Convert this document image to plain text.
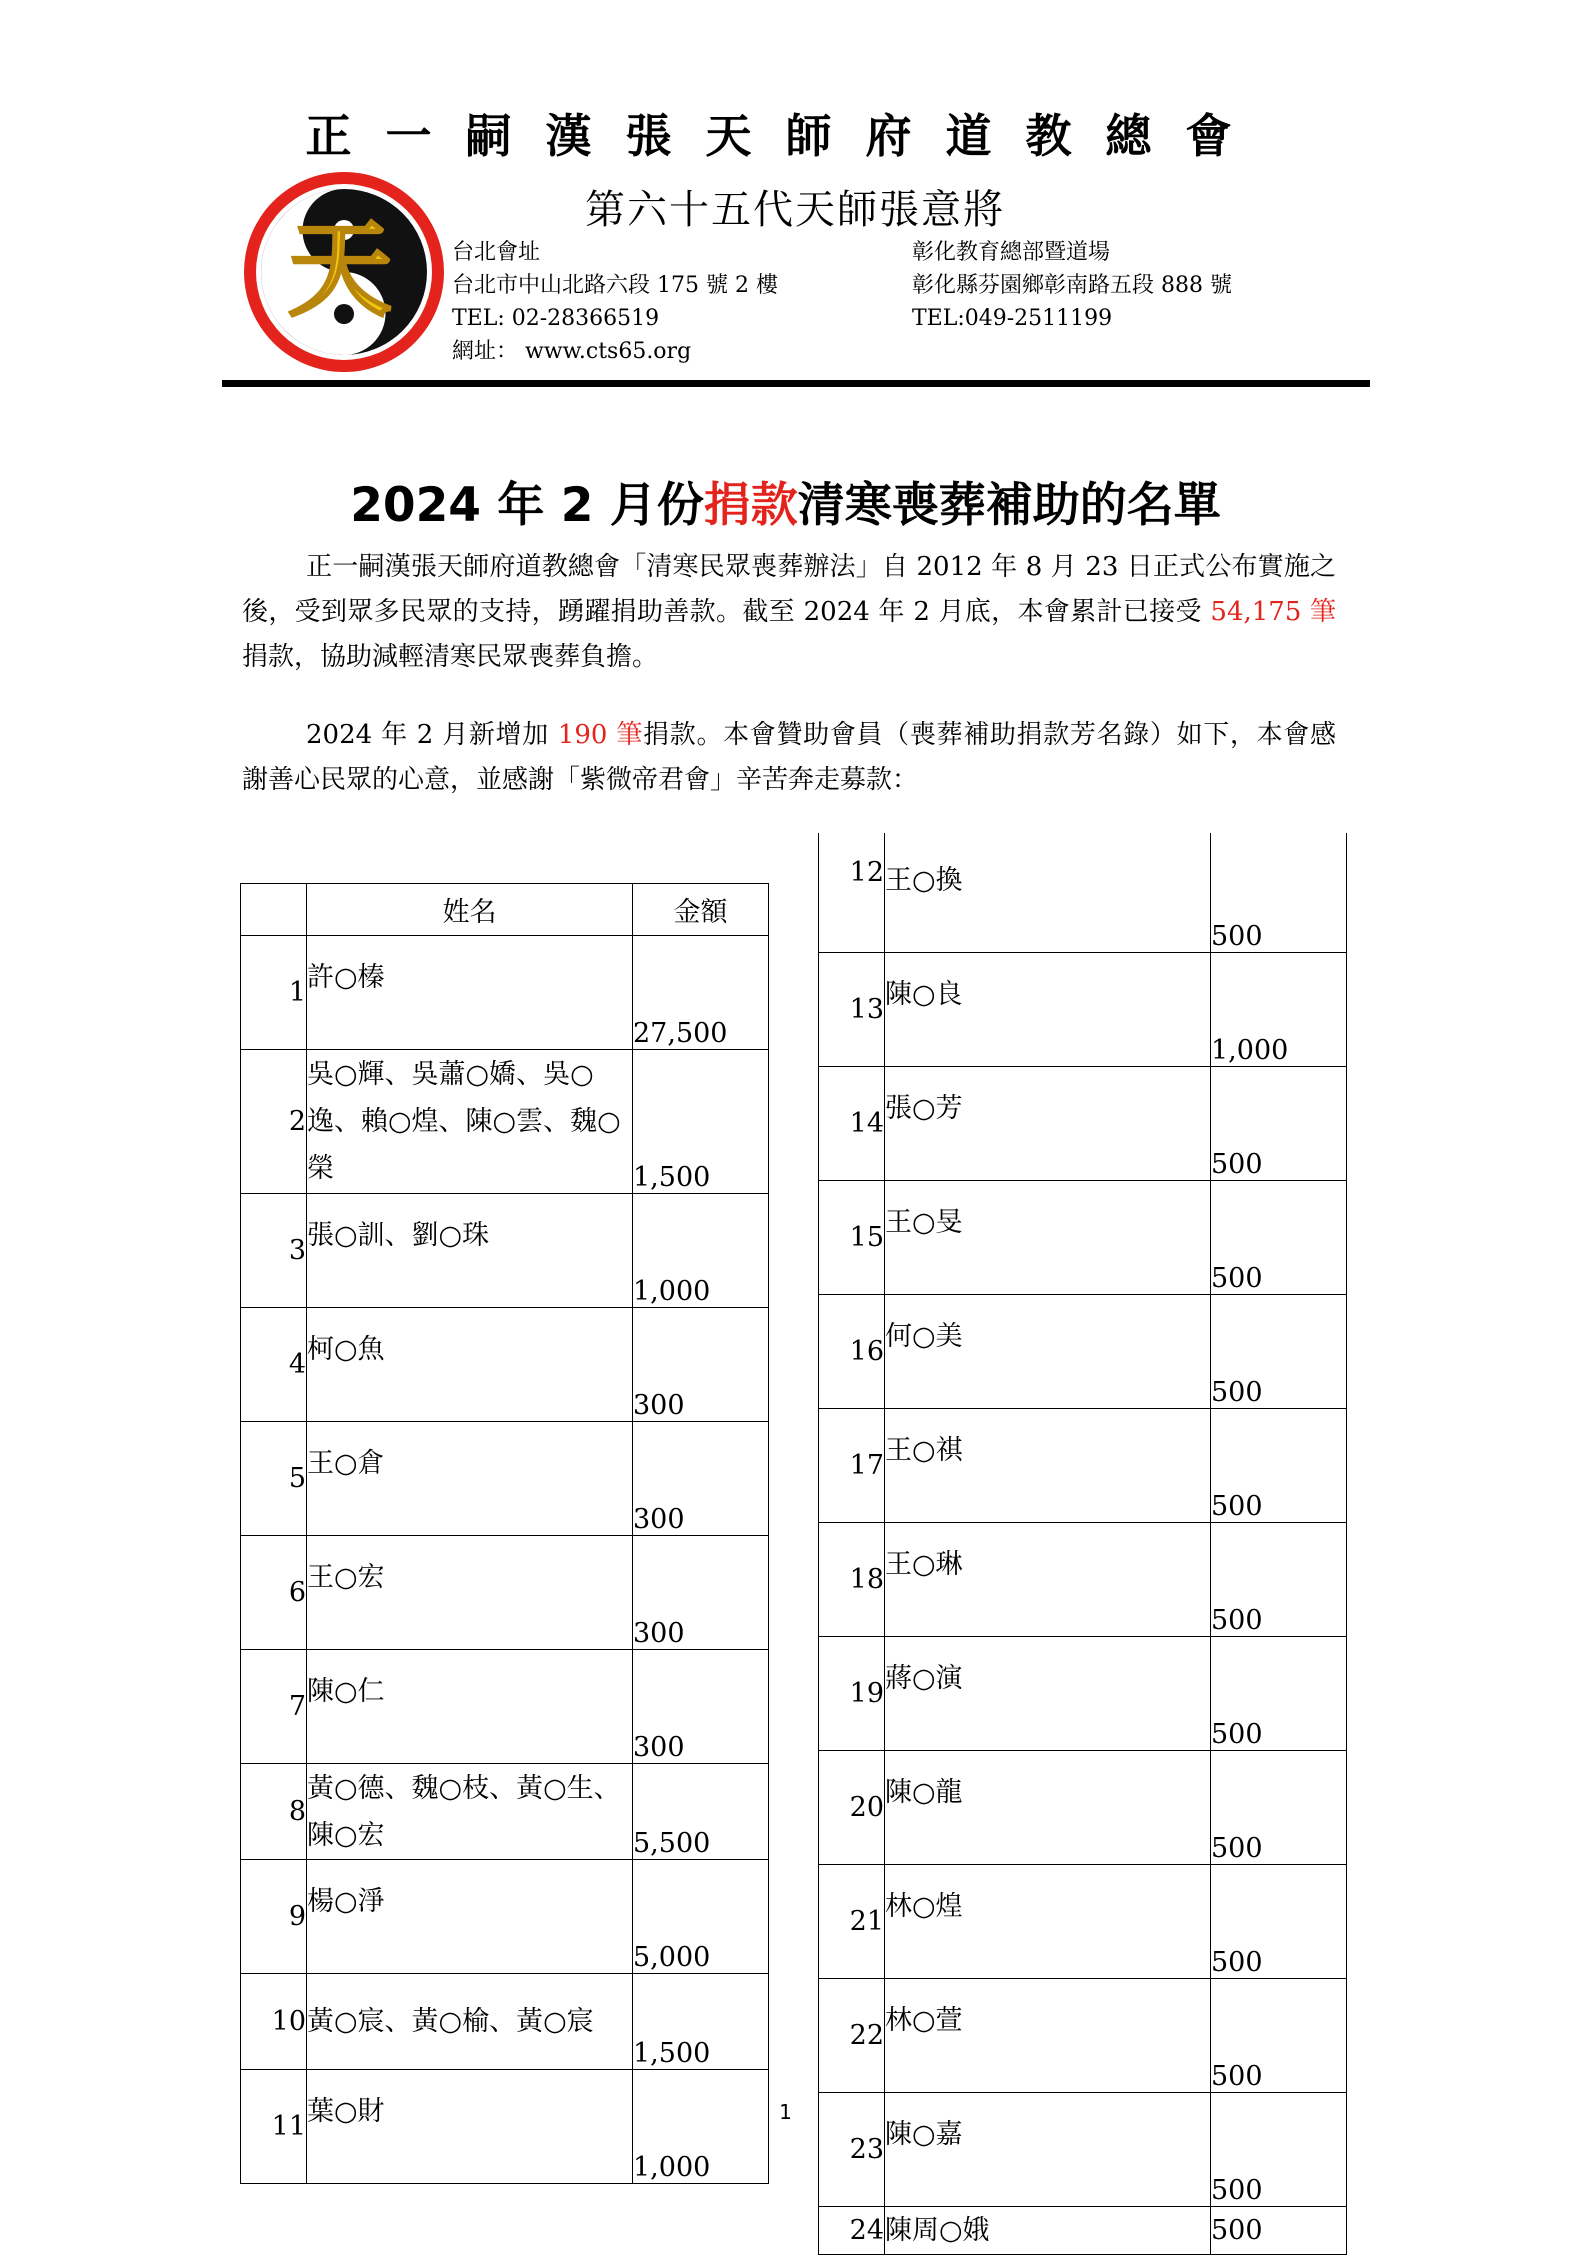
正一嗣漢張天師府道教總會
天	第六十五代天師張意將
台北會址
台北市中山北路六段 175 號 2 樓
TEL: 02-28366519
網址： www.cts65.org
彰化教育總部暨道場
彰化縣芬園鄉彰南路五段 888 號
TEL:049-2511199
2024 年 2 月份捐款清寒喪葬補助的名單
正一嗣漢張天師府道教總會「清寒民眾喪葬辦法」自 2012 年 8 月 23 日正式公布實施之後，受到眾多民眾的支持，踴躍捐助善款。截至 2024 年 2 月底，本會累計已接受 54,175 筆捐款，協助減輕清寒民眾喪葬負擔。
2024 年 2 月新增加 190 筆捐款。本會贊助會員（喪葬補助捐款芳名錄）如下，本會感謝善心民眾的心意，並感謝「紫微帝君會」辛苦奔走募款：
	姓名	金額
1	許○榛	27,500
2	吳○輝、吳蕭○嬌、吳○逸、賴○煌、陳○雲、魏○榮	1,500
3	張○訓、劉○珠	1,000
4	柯○魚	300
5	王○倉	300
6	王○宏	300
7	陳○仁	300
8	黃○德、魏○枝、黃○生、陳○宏	5,500
9	楊○淨	5,000
10	黃○宸、黃○榆、黃○宸	1,500
11	葉○財	1,000
12	王○換	500
13	陳○良	1,000
14	張○芳	500
15	王○旻	500
16	何○美	500
17	王○祺	500
18	王○琳	500
19	蔣○演	500
20	陳○龍	500
21	林○煌	500
22	林○萱	500
23	陳○嘉	500
24	陳周○娥	500
1
